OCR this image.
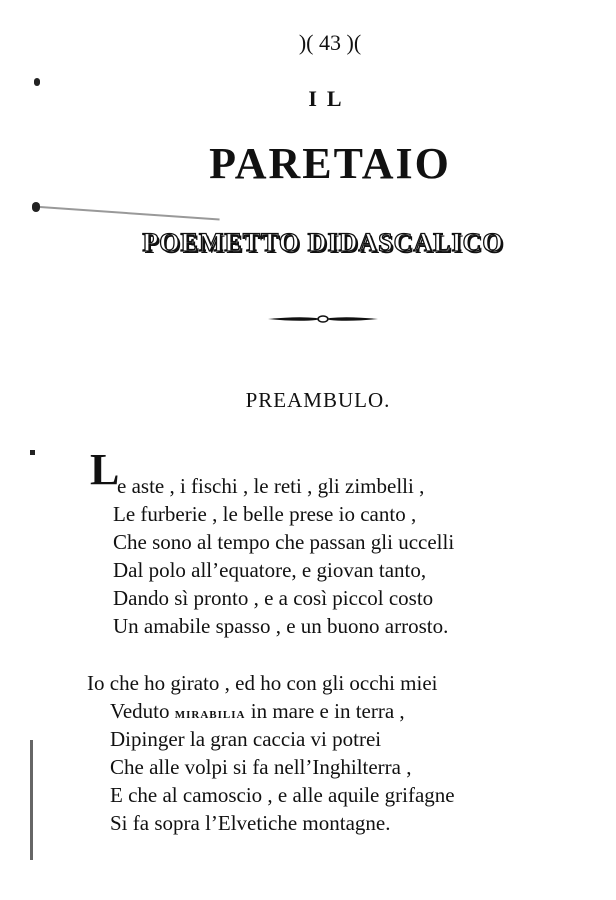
)( 43 )(
IL
PARETAIO
POEMETTO DIDASCALICO
PREAMBULO.
L
e aste , i fischi , le reti , gli zimbelli ,
Le furberie , le belle prese io canto ,
Che sono al tempo che passan gli uccelli
Dal polo all’equatore, e giovan tanto,
Dando sì pronto , e a così piccol costo
Un amabile spasso , e un buono arrosto.
Io che ho girato , ed ho con gli occhi miei
Veduto mirabilia in mare e in terra ,
Dipinger la gran caccia vi potrei
Che alle volpi si fa nell’Inghilterra ,
E che al camoscio , e alle aquile grifagne
Si fa sopra l’Elvetiche montagne.
